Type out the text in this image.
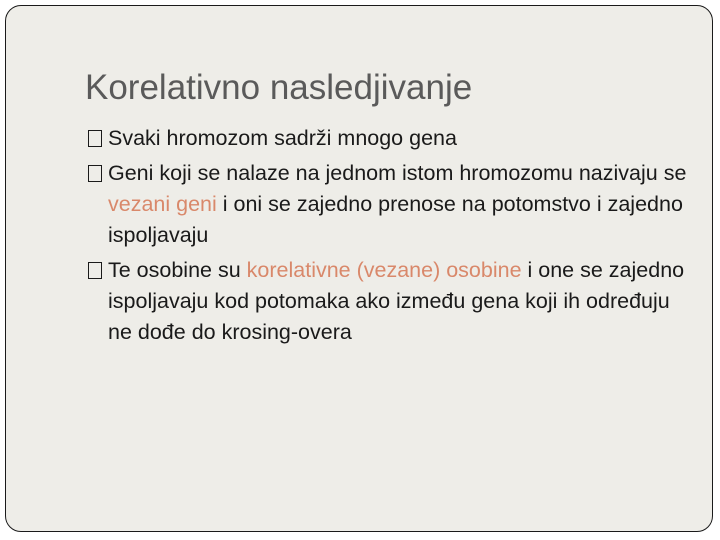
Korelativno nasledjivanje
Svaki hromozom sadrži mnogo gena
Geni koji se nalaze na jednom istom hromozomu nazivaju se vezani geni i oni se zajedno prenose na potomstvo i zajedno ispoljavaju
Te osobine su korelativne (vezane) osobine i one se zajedno ispoljavaju kod potomaka ako između gena koji ih određuju ne dođe do krosing-overa
